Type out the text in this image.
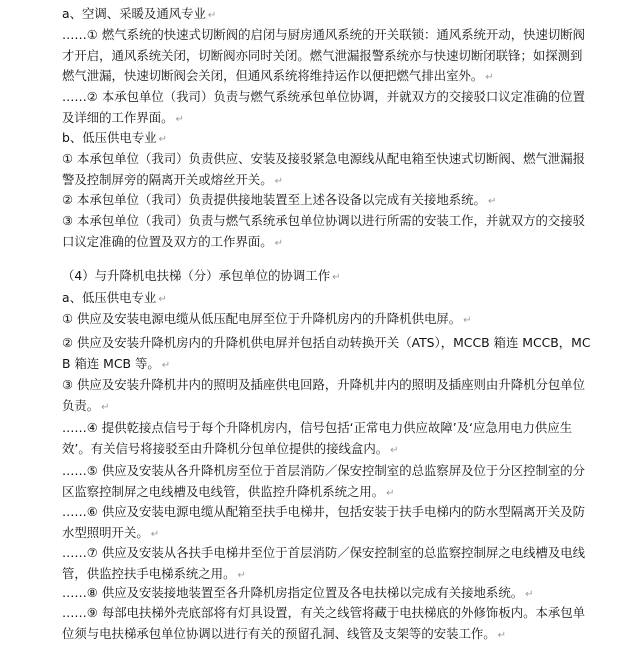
a、空调、采暖及通风专业 ↵

……① 燃气系统的快速式切断阀的启闭与厨房通风系统的开关联锁：通风系统开动，快速切断阀才开启，通风系统关闭，切断阀亦同时关闭。燃气泄漏报警系统亦与快速切断闭联锋；如探测到燃气泄漏，快速切断阀会关闭，但通风系统将维持运作以便把燃气排出室外。 ↵

……② 本承包单位（我司）负责与燃气系统承包单位协调，并就双方的交接驳口议定准确的位置及详细的工作界面。 ↵

b、低压供电专业 ↵

① 本承包单位（我司）负责供应、安装及接驳紧急电源线从配电箱至快速式切断阀、燃气泄漏报警及控制屏旁的隔离开关或熔丝开关。 ↵

② 本承包单位（我司）负责提供接地装置至上述各设备以完成有关接地系统。 ↵

③ 本承包单位（我司）负责与燃气系统承包单位协调以进行所需的安装工作，并就双方的交接驳口议定准确的位置及双方的工作界面。 ↵

（4）与升降机电扶梯（分）承包单位的协调工作 ↵

a、低压供电专业 ↵

① 供应及安装电源电缆从低压配电屏至位于升降机房内的升降机供电屏。 ↵

② 供应及安装升降机房内的升降机供电屏并包括自动转换开关（ATS），MCCB 箱连 MCCB，MCB 箱连 MCB 等。 ↵

③ 供应及安装升降机井内的照明及插座供电回路，升降机井内的照明及插座则由升降机分包单位负责。 ↵

……④ 提供乾接点信号于每个升降机房内，信号包括‘正常电力供应故障’及‘应急用电力供应生效’。有关信号将接驳至由升降机分包单位提供的接线盒内。 ↵

……⑤ 供应及安装从各升降机房至位于首层消防／保安控制室的总监察屏及位于分区控制室的分区监察控制屏之电线槽及电线管，供监控升降机系统之用。 ↵

……⑥ 供应及安装电源电缆从配箱至扶手电梯井，包括安装于扶手电梯内的防水型隔离开关及防水型照明开关。 ↵

……⑦ 供应及安装从各扶手电梯井至位于首层消防／保安控制室的总监察控制屏之电线槽及电线管，供监控扶手电梯系统之用。 ↵

……⑧ 供应及安装接地装置至各升降机房指定位置及各电扶梯以完成有关接地系统。 ↵

……⑨ 每部电扶梯外壳底部将有灯具设置，有关之线管将藏于电扶梯底的外修饰板内。本承包单位须与电扶梯承包单位协调以进行有关的预留孔洞、线管及支架等的安装工作。 ↵
